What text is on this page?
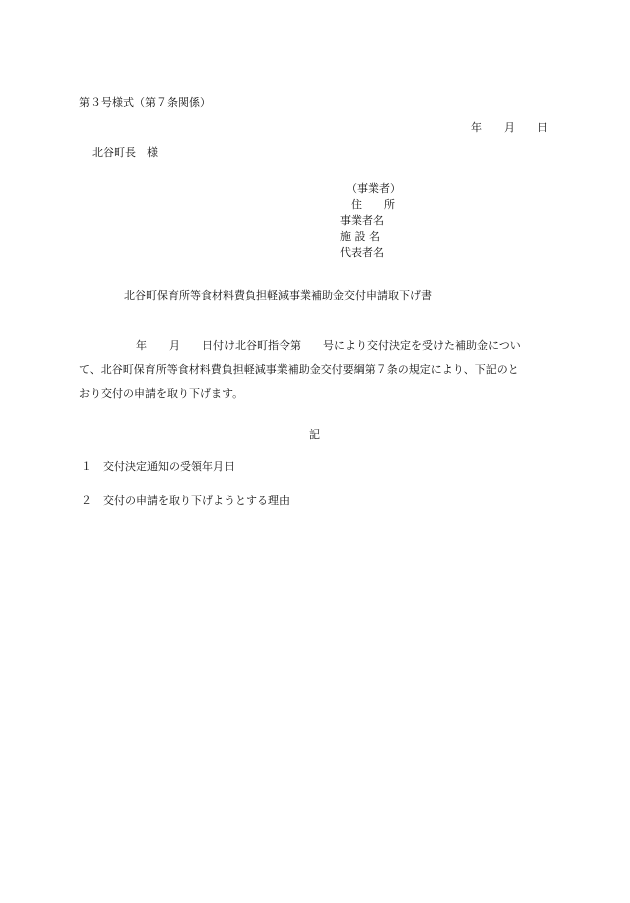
第３号様式（第７条関係）
年 月 日
北谷町長　様
（事業者）
住　　所
事業者名
施 設 名
代表者名
北谷町保育所等食材料費負担軽減事業補助金交付申請取下げ書

年 月 日付け北谷町指令第 号により交付決定を受けた補助金につい

て、北谷町保育所等食材料費負担軽減事業補助金交付要綱第７条の規定により、下記のと

おり交付の申請を取り下げます。

記
１ 交付決定通知の受領年月日
２ 交付の申請を取り下げようとする理由
